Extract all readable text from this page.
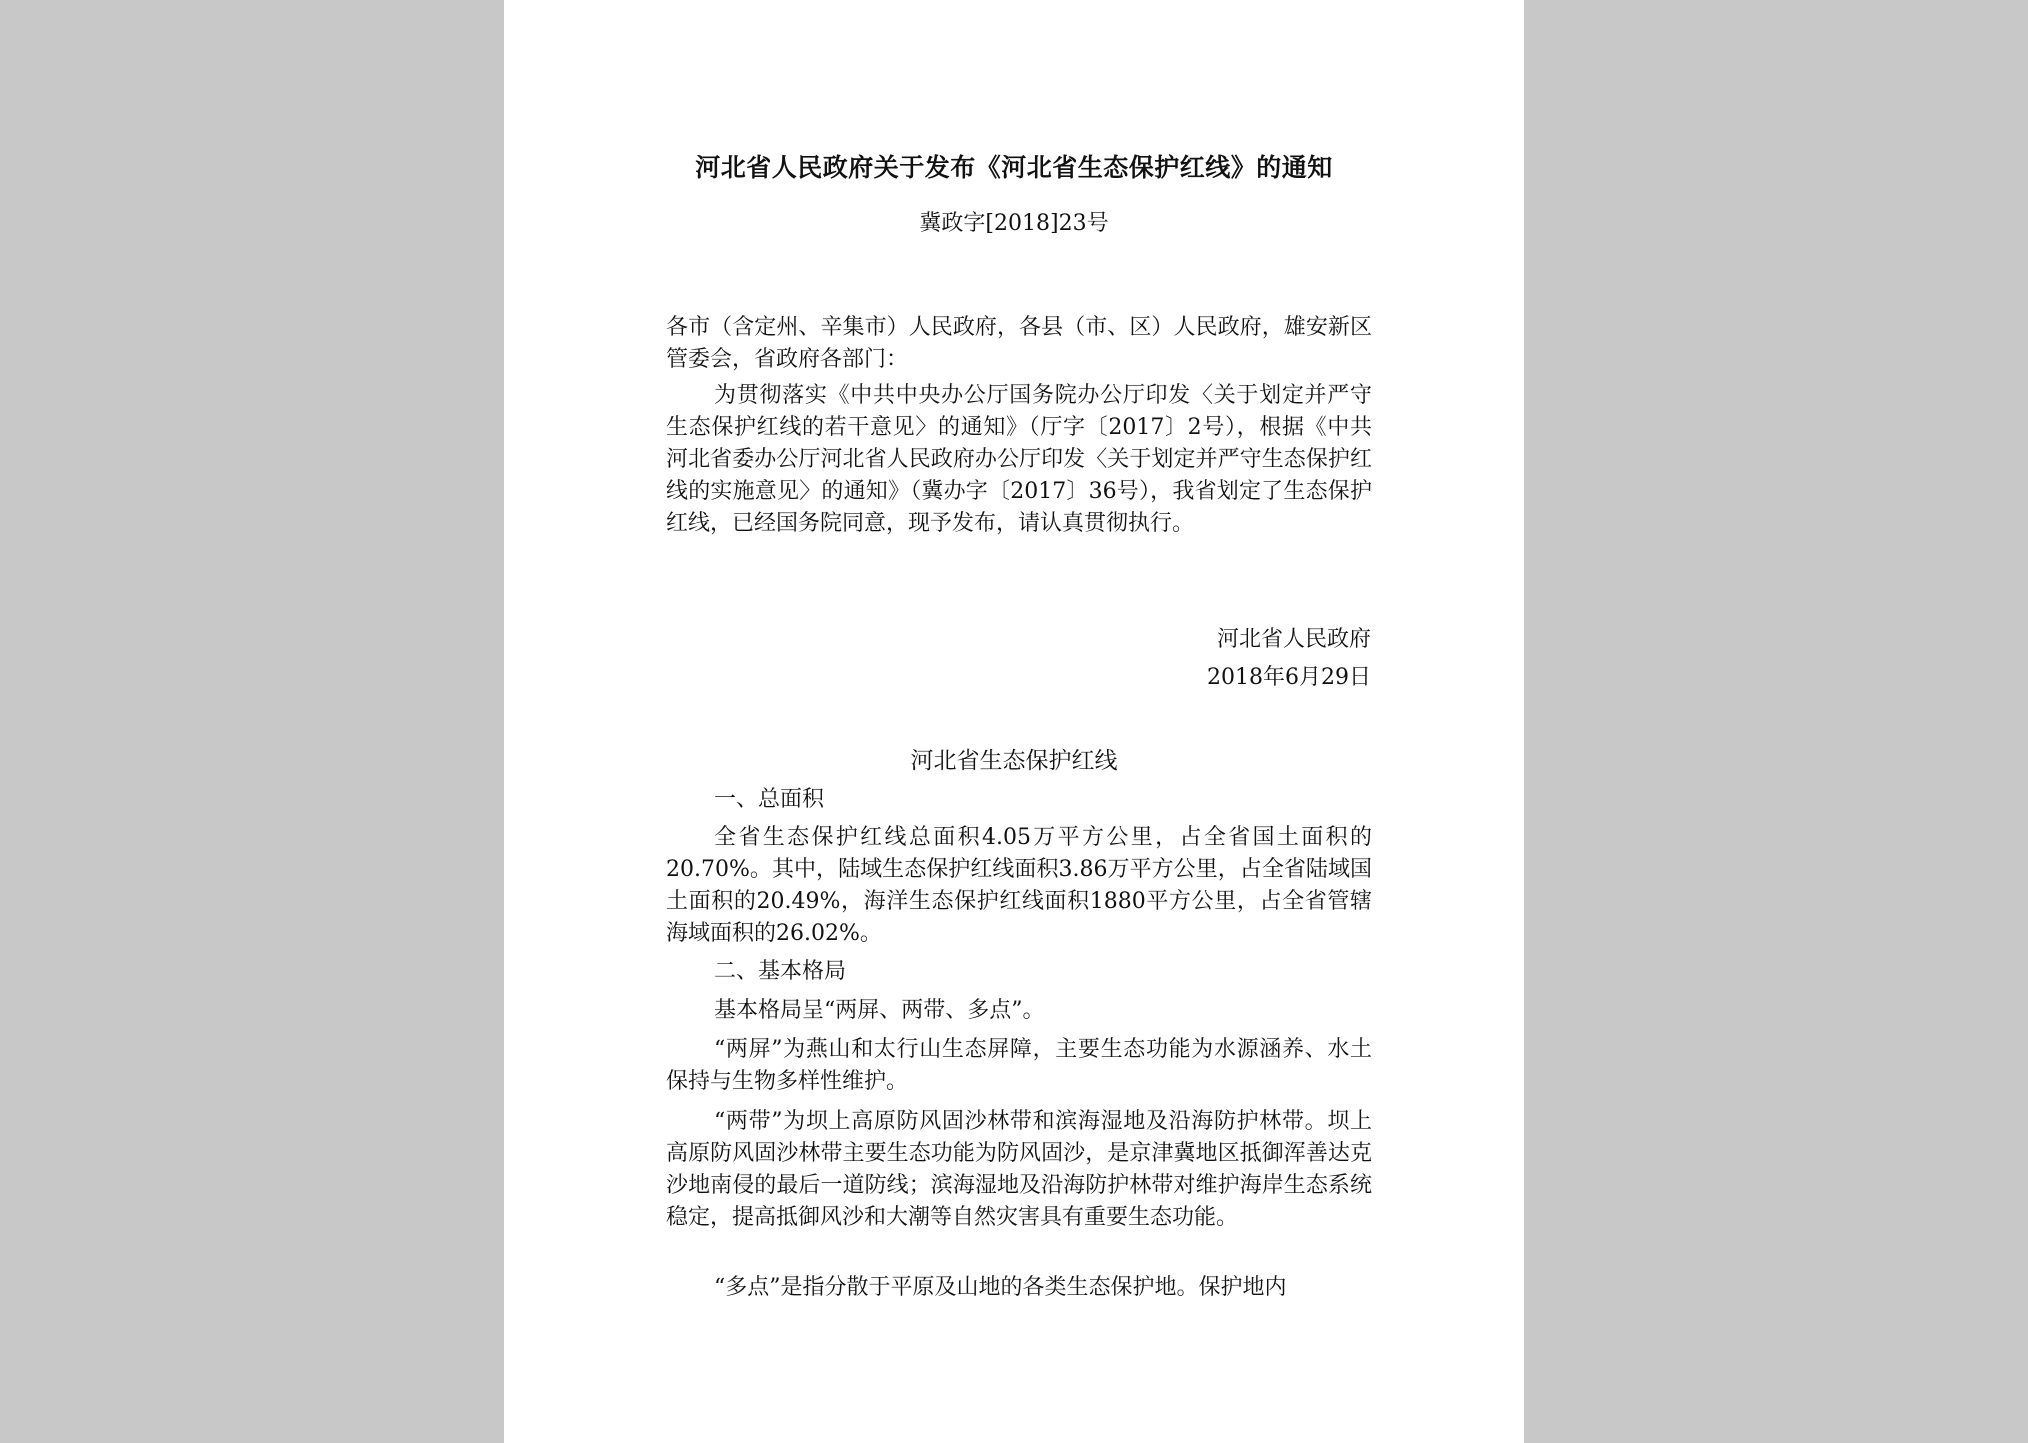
河北省人民政府关于发布《河北省生态保护红线》的通知

冀政字[2018]23号

各市（含定州、辛集市）人民政府，各县（市、区）人民政府，雄安新区管委会，省政府各部门：

为贯彻落实《中共中央办公厅国务院办公厅印发〈关于划定并严守生态保护红线的若干意见〉的通知》（厅字〔2017〕2号），根据《中共河北省委办公厅河北省人民政府办公厅印发〈关于划定并严守生态保护红线的实施意见〉的通知》（冀办字〔2017〕36号），我省划定了生态保护红线，已经国务院同意，现予发布，请认真贯彻执行。

河北省人民政府

2018年6月29日

河北省生态保护红线

一、总面积

全省生态保护红线总面积4.05万平方公里，占全省国土面积的20.70%。其中，陆域生态保护红线面积3.86万平方公里，占全省陆域国土面积的20.49%，海洋生态保护红线面积1880平方公里，占全省管辖海域面积的26.02%。

二、基本格局

基本格局呈“两屏、两带、多点”。

“两屏”为燕山和太行山生态屏障，主要生态功能为水源涵养、水土保持与生物多样性维护。

“两带”为坝上高原防风固沙林带和滨海湿地及沿海防护林带。坝上高原防风固沙林带主要生态功能为防风固沙，是京津冀地区抵御浑善达克沙地南侵的最后一道防线；滨海湿地及沿海防护林带对维护海岸生态系统稳定，提高抵御风沙和大潮等自然灾害具有重要生态功能。

“多点”是指分散于平原及山地的各类生态保护地。保护地内
